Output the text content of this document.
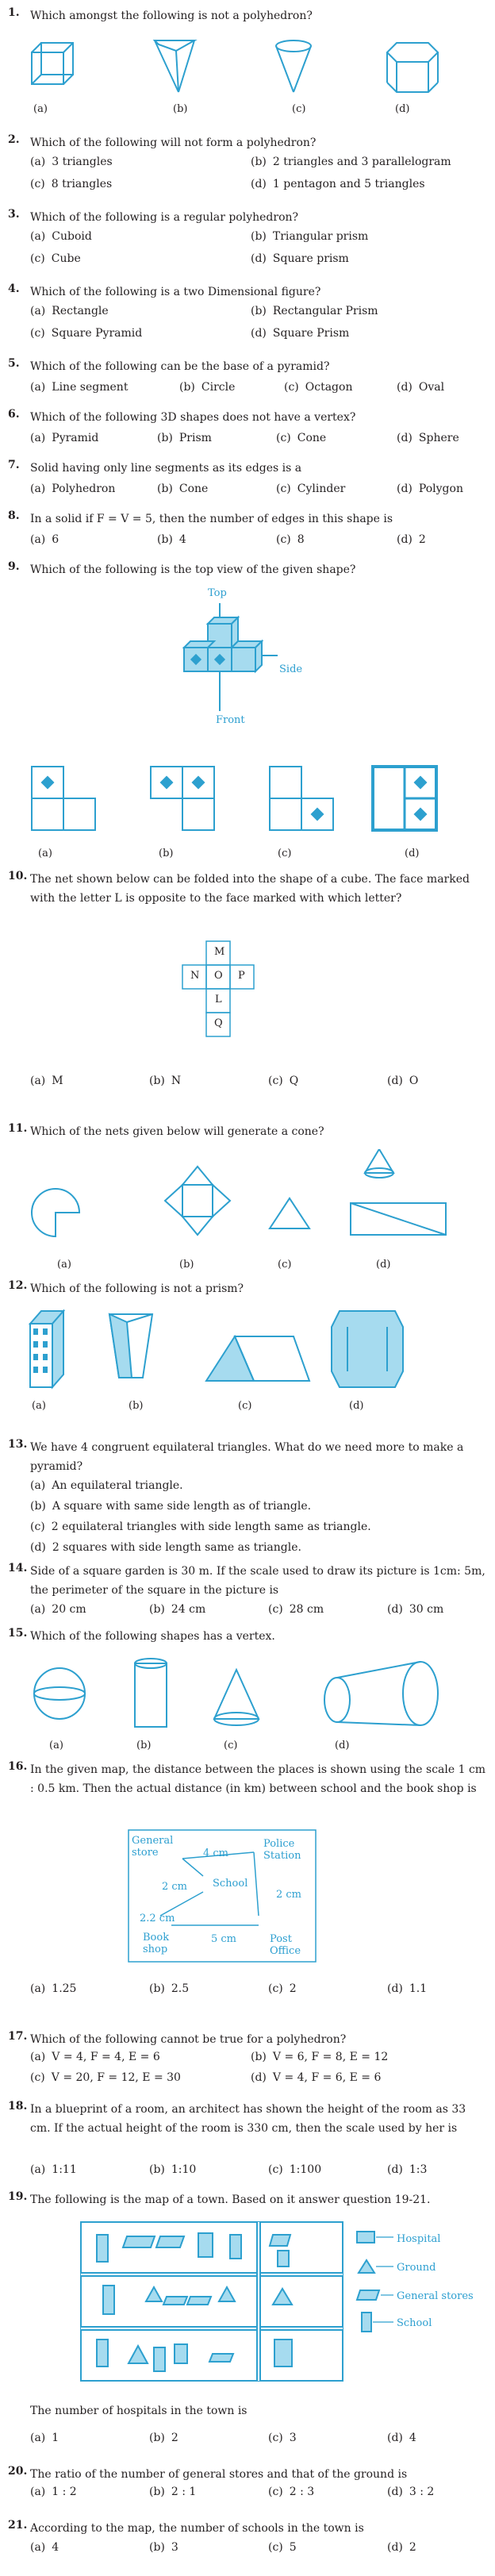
1. Which amongst the following is not a polyhedron?

(a)	(b)	(c)	(d)
2. Which of the following will not form a polyhedron?

(a) 3 triangles	(b) 2 triangles and 3 parallelogram
(c) 8 triangles	(d) 1 pentagon and 5 triangles
3. Which of the following is a regular polyhedron?

(a) Cuboid	(b) Triangular prism
(c) Cube	(d) Square prism
4. Which of the following is a two Dimensional figure?

(a) Rectangle	(b) Rectangular Prism
(c) Square Pyramid	(d) Square Prism
5. Which of the following can be the base of a pyramid?

(a) Line segment	(b) Circle	(c) Octagon	(d) Oval
6. Which of the following 3D shapes does not have a vertex?

(a) Pyramid	(b) Prism	(c) Cone	(d) Sphere
7. Solid having only line segments as its edges is a

(a) Polyhedron	(b) Cone	(c) Cylinder	(d) Polygon
8. In a solid if F = V = 5, then the number of edges in this shape is

(a) 6	(b) 4	(c) 8	(d) 2
9. Which of the following is the top view of the given shape?

Top
Side
Front
(a)	(b)	(c)	(d)
10. The net shown below can be folded into the shape of a cube. The face marked with the letter L is opposite to the face marked with which letter?

M
N O P
L
Q
(a) M	(b) N	(c) Q	(d) O
11. Which of the nets given below will generate a cone?

(a)	(b)	(c)	(d)
12. Which of the following is not a prism?

(a)	(b)	(c)	(d)
13. We have 4 congruent equilateral triangles. What do we need more to make a pyramid?

(a) An equilateral triangle.
(b) A square with same side length as of triangle.
(c) 2 equilateral triangles with side length same as triangle.
(d) 2 squares with side length same as triangle.
14. Side of a square garden is 30 m. If the scale used to draw its picture is 1cm: 5m, the perimeter of the square in the picture is

(a) 20 cm	(b) 24 cm	(c) 28 cm	(d) 30 cm
15. Which of the following shapes has a vertex.

(a)	(b)	(c)	(d)
16. In the given map, the distance between the places is shown using the scale 1 cm : 0.5 km. Then the actual distance (in km) between school and the book shop is

General
store
Police
Station
4 cm
School
2 cm
2 cm
2.2 cm
5 cm
Book
shop
Post
Office
(a) 1.25	(b) 2.5	(c) 2	(d) 1.1
17. Which of the following cannot be true for a polyhedron?

(a) V = 4, F = 4, E = 6	(b) V = 6, F = 8, E = 12
(c) V = 20, F = 12, E = 30	(d) V = 4, F = 6, E = 6
18. In a blueprint of a room, an architect has shown the height of the room as 33 cm. If the actual height of the room is 330 cm, then the scale used by her is

(a) 1:11	(b) 1:10	(c) 1:100	(d) 1:3
19. The following is the map of a town. Based on it answer question 19-21.

Hospital
Ground
General stores
School

The number of hospitals in the town is

(a) 1	(b) 2	(c) 3	(d) 4
20. The ratio of the number of general stores and that of the ground is

(a) 1 : 2	(b) 2 : 1	(c) 2 : 3	(d) 3 : 2
21. According to the map, the number of schools in the town is

(a) 4	(b) 3	(c) 5	(d) 2
